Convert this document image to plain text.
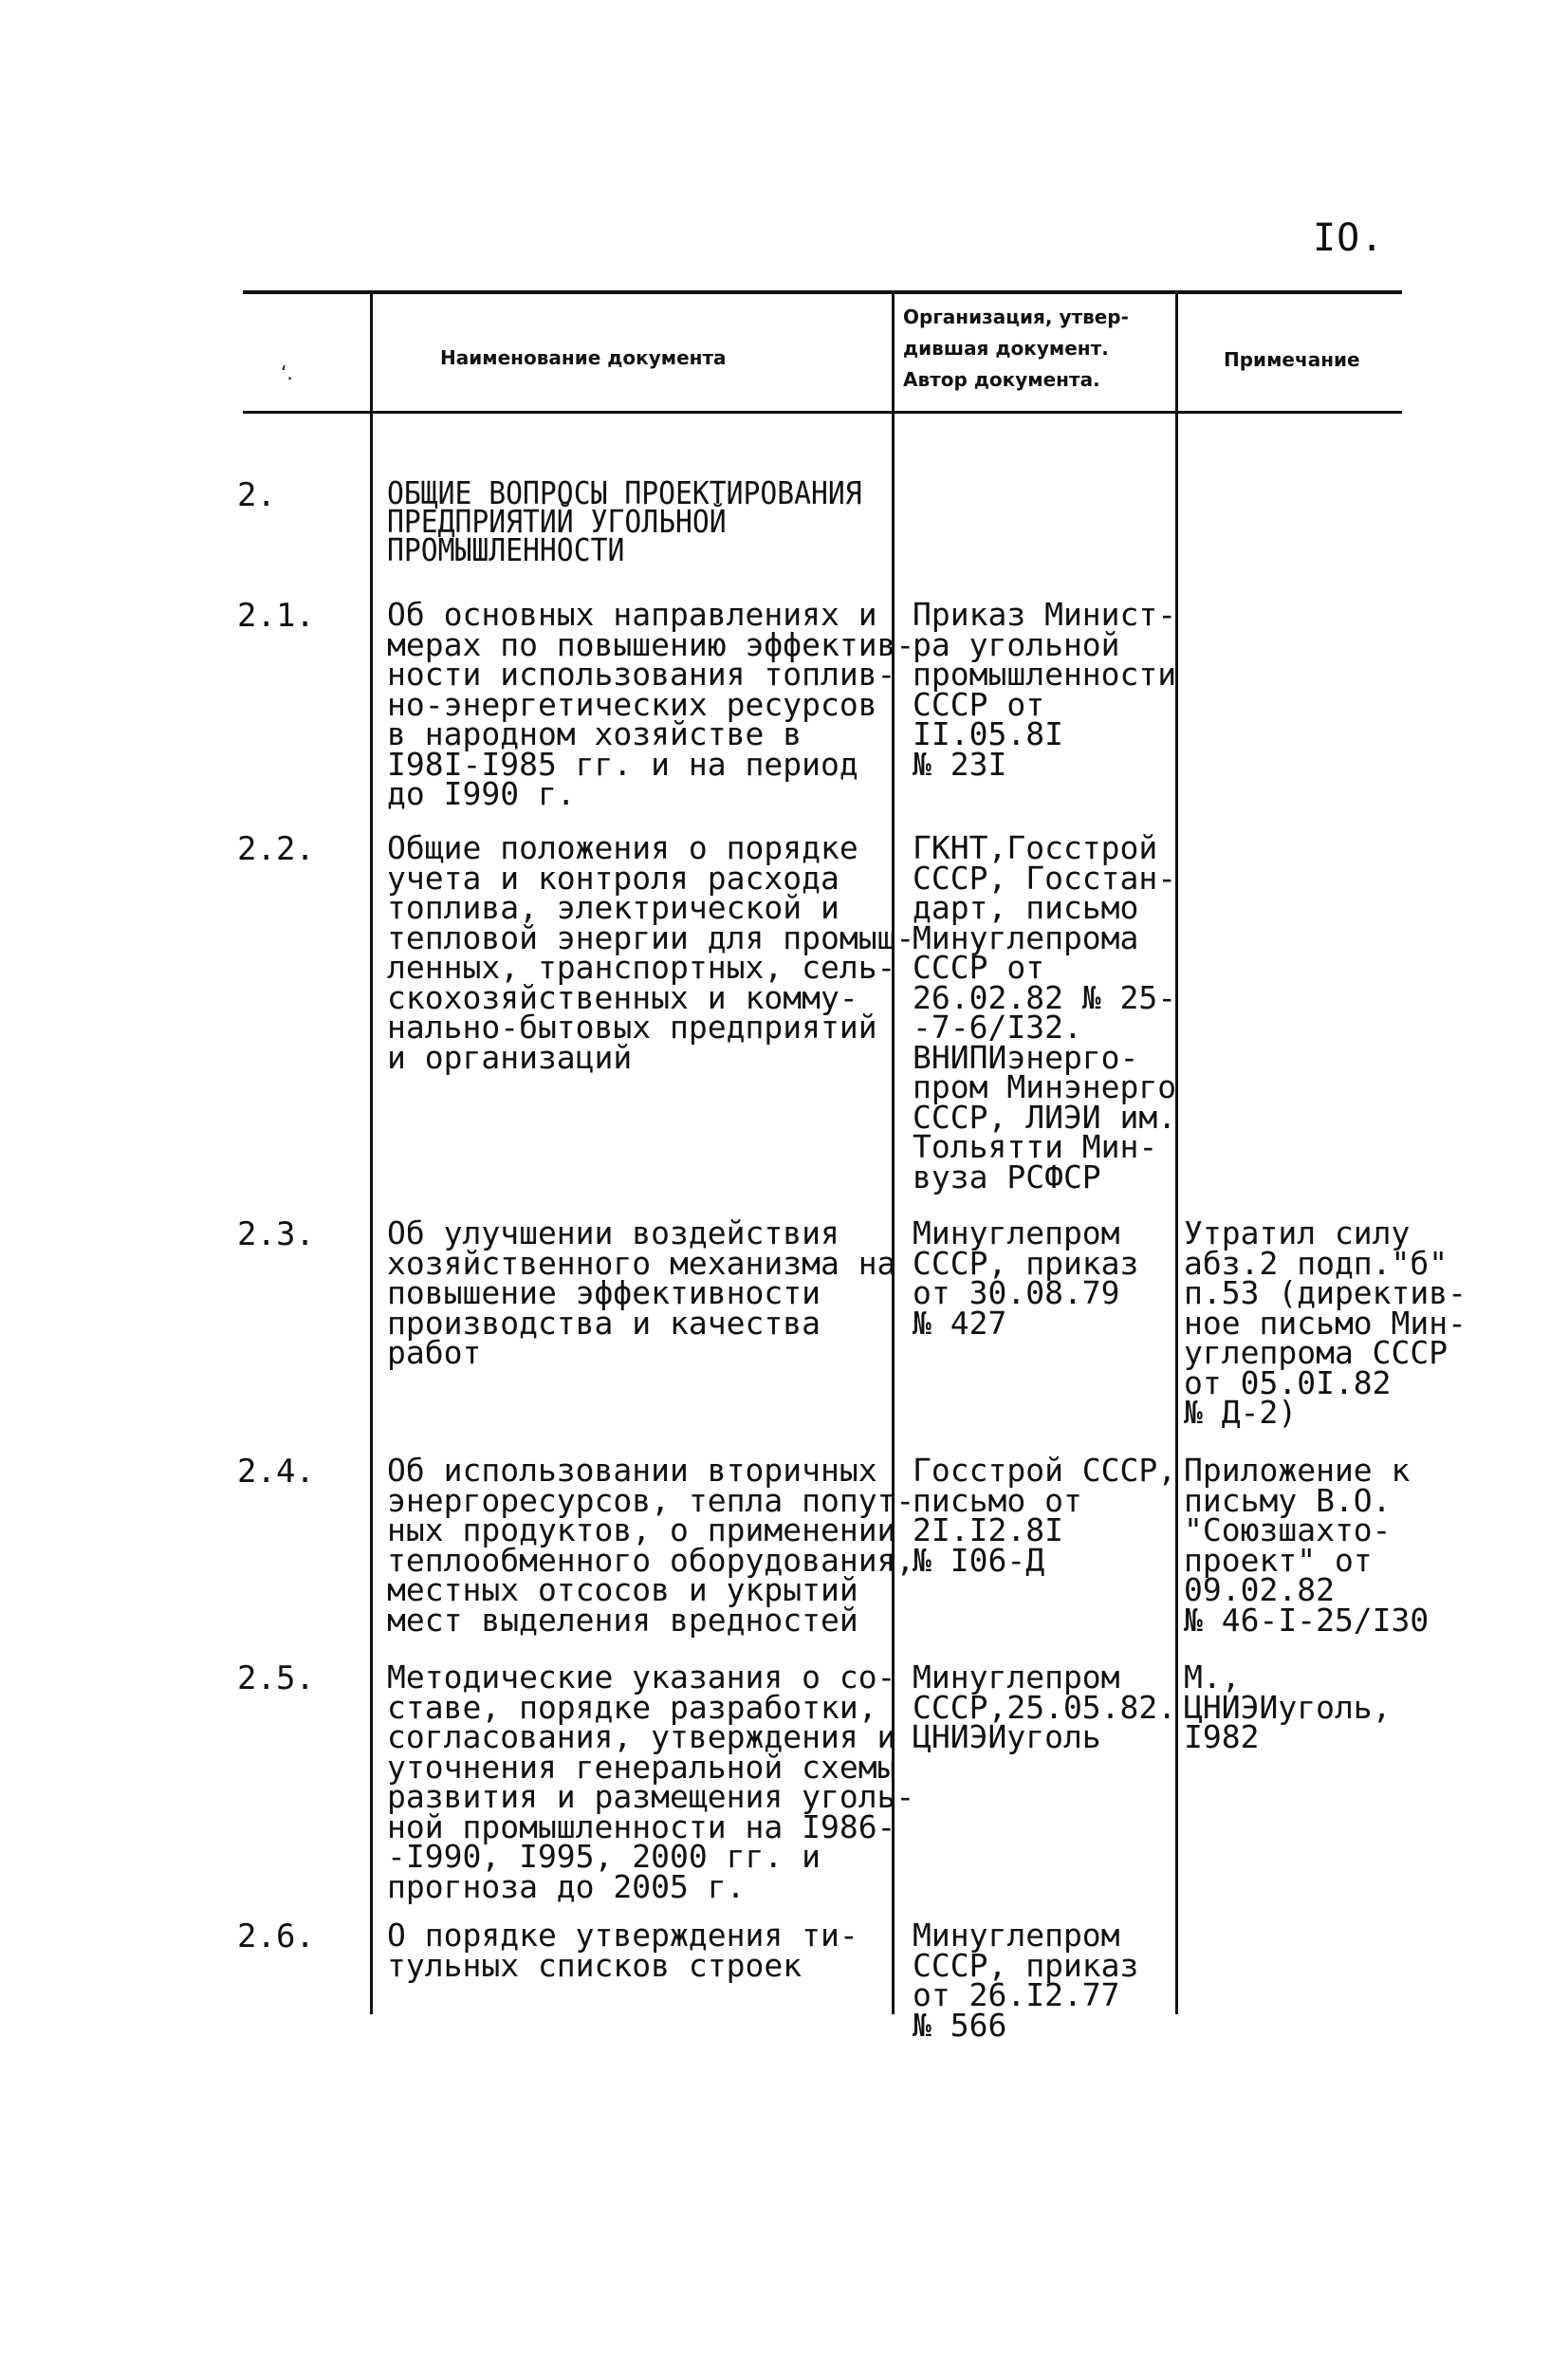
IO.
‘.
Наименование документа
Организация, утвер-
дившая документ.
Автор документа.
Примечание
2.	ОБЩИЕ ВОПРОСЫ ПРОЕКТИРОВАНИЯ
ПРЕДПРИЯТИЙ УГОЛЬНОЙ
ПРОМЫШЛЕННОСТИ
2.1. Об основных направлениях и
мерах по повышению эффектив-
ности использования топлив-
но-энергетических ресурсов
в народном хозяйстве в
I98I-I985 гг. и на период
до I990 г.
Приказ Минист-
ра угольной
промышленности
СССР от
II.05.8I
№ 23I
2.2. Общие положения о порядке
учета и контроля расхода
топлива, электрической и
тепловой энергии для промыш-
ленных, транспортных, сель-
скохозяйственных и комму-
нально-бытовых предприятий
и организаций
ГКНТ,Госстрой
СССР, Госстан-
дарт, письмо
Минуглепрома
СССР от
26.02.82 № 25-
-7-6/I32.
ВНИПИэнерго-
пром Минэнерго
СССР, ЛИЭИ им.
Тольятти Мин-
вуза РСФСР
2.3. Об улучшении воздействия
хозяйственного механизма на
повышение эффективности
производства и качества
работ
Минуглепром
СССР, приказ
от 30.08.79
№ 427
Утратил силу
абз.2 подп."б"
п.53 (директив-
ное письмо Мин-
углепрома СССР
от 05.0I.82
№ Д-2)
2.4. Об использовании вторичных
энергоресурсов, тепла попут-
ных продуктов, о применении
теплообменного оборудования,
местных отсосов и укрытий
мест выделения вредностей
Госстрой СССР,
письмо от
2I.I2.8I
№ I06-Д
Приложение к
письму В.О.
"Союзшахто-
проект" от
09.02.82
№ 46-I-25/I30
2.5. Методические указания о со-
ставе, порядке разработки,
согласования, утверждения и
уточнения генеральной схемы
развития и размещения уголь-
ной промышленности на I986-
-I990, I995, 2000 гг. и
прогноза до 2005 г.
Минуглепром
СССР,25.05.82.
ЦНИЭИуголь
М.,
ЦНИЭИуголь,
I982
2.6. О порядке утверждения ти-
тульных списков строек
Минуглепром
СССР, приказ
от 26.I2.77
№ 566
